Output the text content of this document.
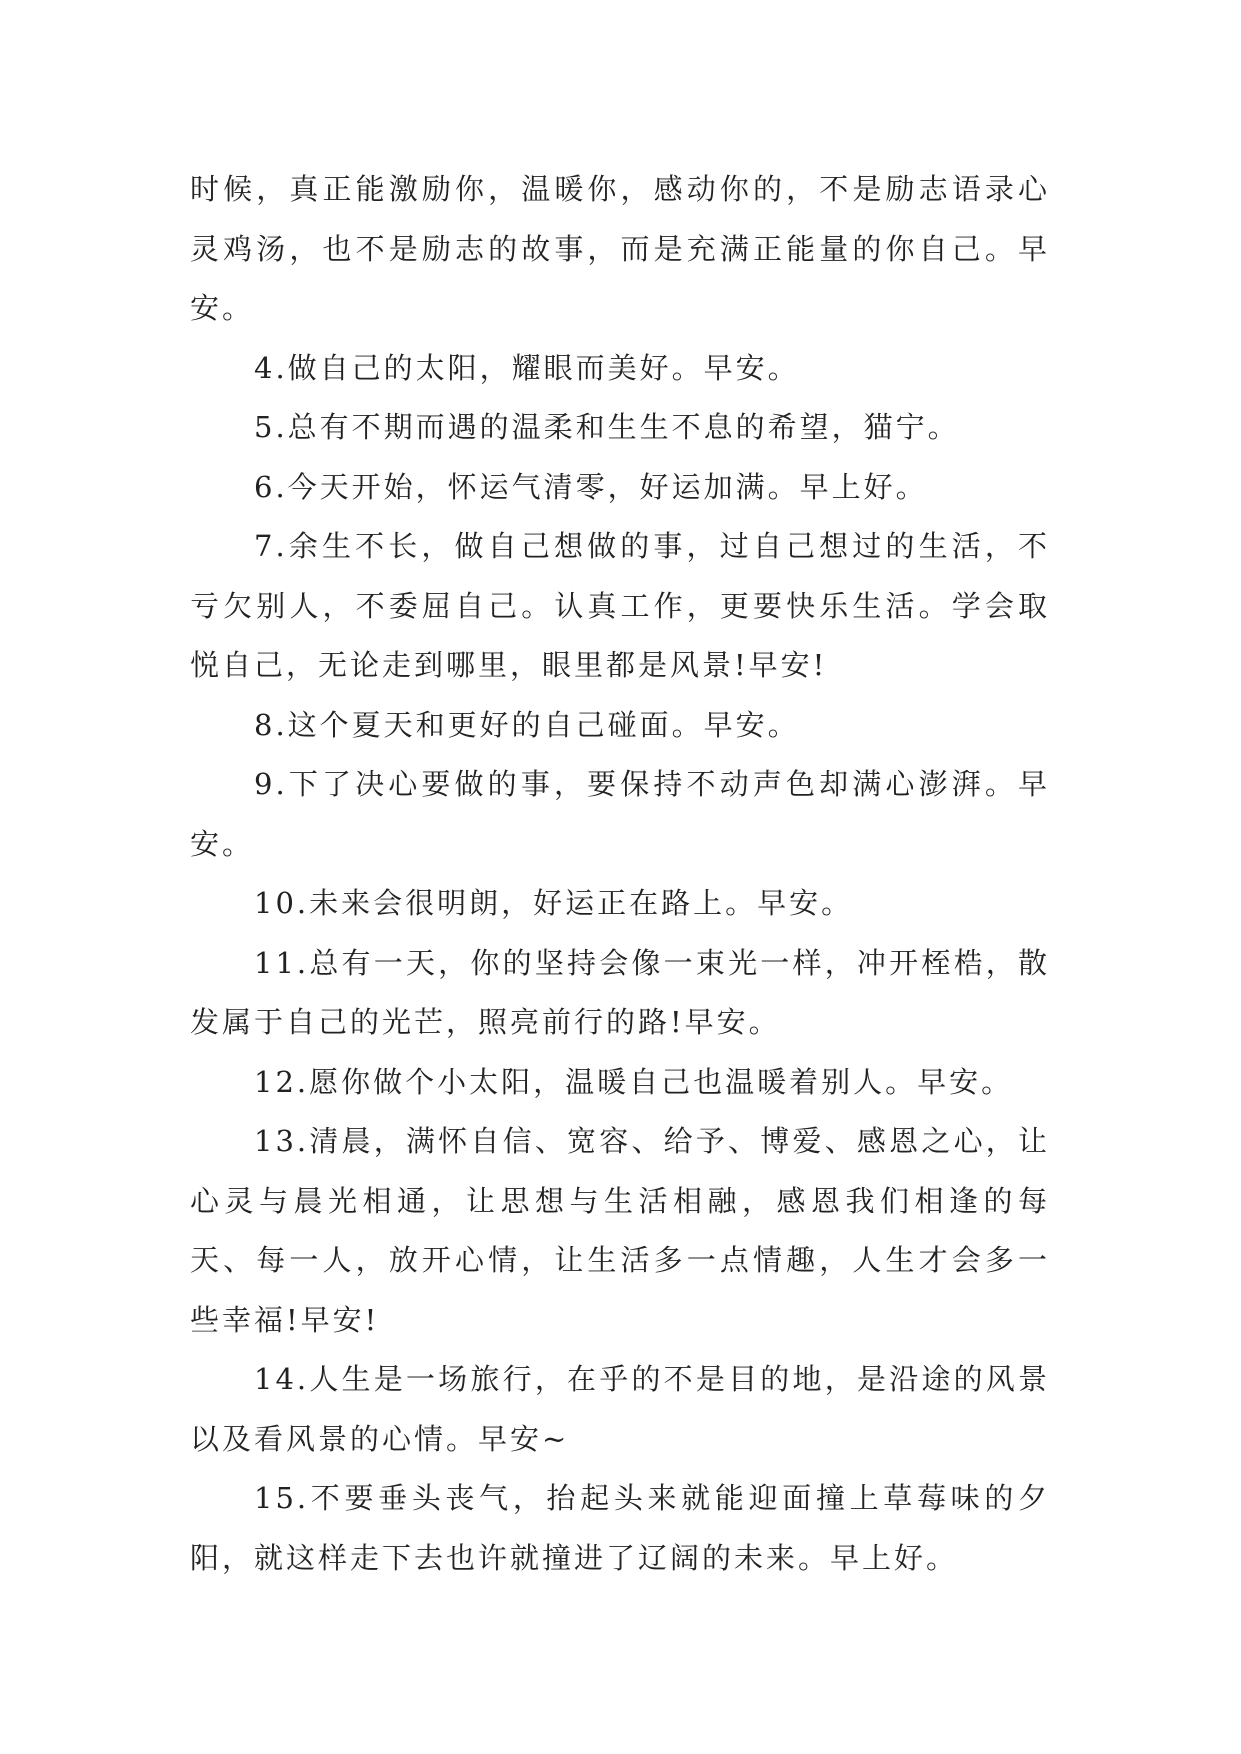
时候，真正能激励你，温暖你，感动你的，不是励志语录心灵鸡汤，也不是励志的故事，而是充满正能量的你自己。早安。

4.做自己的太阳，耀眼而美好。早安。

5.总有不期而遇的温柔和生生不息的希望，猫宁。

6.今天开始，怀运气清零，好运加满。早上好。

7.余生不长，做自己想做的事，过自己想过的生活，不亏欠别人，不委屈自己。认真工作，更要快乐生活。学会取悦自己，无论走到哪里，眼里都是风景!早安!

8.这个夏天和更好的自己碰面。早安。

9.下了决心要做的事，要保持不动声色却满心澎湃。早安。

10.未来会很明朗，好运正在路上。早安。

11.总有一天，你的坚持会像一束光一样，冲开桎梏，散发属于自己的光芒，照亮前行的路!早安。

12.愿你做个小太阳，温暖自己也温暖着别人。早安。

13.清晨，满怀自信、宽容、给予、博爱、感恩之心，让心灵与晨光相通，让思想与生活相融，感恩我们相逢的每天、每一人，放开心情，让生活多一点情趣，人生才会多一些幸福!早安!

14.人生是一场旅行，在乎的不是目的地，是沿途的风景以及看风景的心情。早安~

15.不要垂头丧气，抬起头来就能迎面撞上草莓味的夕阳，就这样走下去也许就撞进了辽阔的未来。早上好。
